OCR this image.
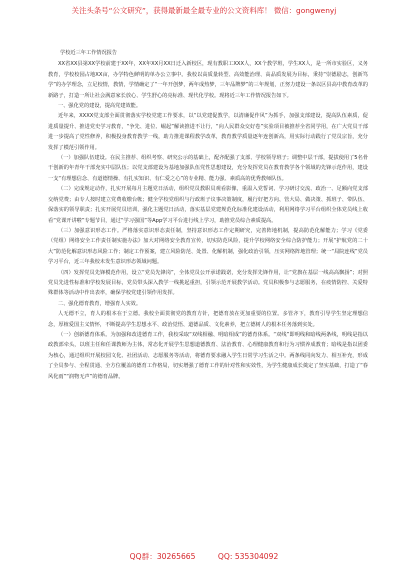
关注头条号“公文研究”，获得最新最全最专业的公文资料库！ 微信：gongwenyj
学校近三年工作情况报告

XX省XX县第XX学校前建于XX年，XX年XX月XX日迁入新校区，现有教职工XXX人，XX个教学班，学生XX人，是一所市实验区，义务教育，学校校园占地XX亩，办学特色鲜明的单办公立事中。我校以高质量转型、高效能治理、高品质发展为目标，秉持“崇德励志，创新笃学”的办学理念，立足校情，教情，学情确定了“一年开创梦，两年成热梦，三年品牌梦”的三年规划，正努力建设一条以区县高中教育改革的新路子，打造一所让社会满意家长放心、学生舒心的亮标准、现代化学校。现将近三年工作情况报告如下。

一、强化党的建设，提高党建效能。

近年来，XXXX党支部全面贯彻落实学校党建工作要求，以“以党建促教学，以清廉促作风”为抓手，加强支部建设，提高队伍素质，促进质量提升、推进党史学习教育，“争先、进位、崛起”解读推进不让行，“向人民群众交好卷”实验项目被推荐全省同学用，在广大党员干部进一步提高了党性修养，积极投身教育教学一线，助力推进课程教学改革，教育教学质量逐年连创新高，用实际行动践行了党员宗旨，充分发挥了模范引领作用。

（一）加强队伍建设。在民主推荐、组织考察、研究公示的基础上，配齐配强了支部、学校领导班子；调整中层干部，提拔使用了5名骨干创新的年青年干部充实中层队伍；以党支部建设为基地加强队伍党性思想建设，充分发挥党员在教育教学各个领域的先锋示范作用，建设一支“有理想信念、有道德情操、有扎实知识、有仁爱之心”的专业精、能力强、素质高的优秀教师队伍。

（二）完成规定动作，扎实开展每月主题党日活动，组织党员教职员观看影像，重温入党誓词、学习研讨交流、政治一、足额向党支部交纳党费；由专人按时建立党费收缴台帐；健全学校党组织与行政班子议事决策制度，履行好把方向、管大局、做决策、抓班子、带队伍、保落实的领导职责；扎实开展党员培训，强化主题党日活动，落实基层党建规范化标准化建设活动，利用网络学习平台组织全体党员线上收看“党课开讲啦”专题节目，通过“学习强国”等App学习平台进行线上学习，助推党员综合素质提高。

（三）加强意识形态工作。严格落实意识形态责任制，坚持意识形态工作定期研究，完善阵地机制，提高防范化解能力；学习《党委（党组）网络安全工作责任制实施办法》加大对网络安全教育宣传，切实防范风险，提升学校网络安全综合防护能力；开展“护航党的二十大”防范化解意识形态风险工作；制定工作预案，建立风险防范、处置、化解机制，强化政治引领，压实网络阵地管理；统一“局院连线”党员学习平台，近三年我校未发生意识形态领域问题。

（四）发挥党员先锋模范作用，设立“党员先锋岗”，全体党员公开承诺践诺，充分发挥先锋作用，让“党旗在基层一线高高飘扬”；对照党员先进性标准和学校发展目标，党员带头深入教学一线挑起重担，引领示范开展教学活动。党员积极参与志愿服务，在疫情防控、关爱特殊群体等活动中作出表率，确保学校党建引领作用发挥。

二、强化德育教育，增强育人实效。

人无德不立，育人的根本在于立德。我校全面贯彻党的教育方针，把德育放在更加重要的位置。多管齐下，教育引导学生坚定理想信念，厚植爱国主义情怀，不断提高学生思想水平、政治觉悟、道德品质、文化素养，把立德树人的根本任务落到实处。

（一）创新德育体系。为加强和改进德育工作，我校采取“双线相融、明暗相成”的德育体系。“双线”即明线和暗线两条线，明线是指以政教部牵头，以班主任和任课教师为主体，常态化开展学生思想道德教育、法治教育、心理健康教育和行为习惯养成教育；暗线是指以团委为核心，通过组织开展校园文化、社团活动、志愿服务等活动，将德育要求融入学生日常学习生活之中。两条线同向发力、相互补充，形成了全员参与、全程贯通、全方位覆盖的德育工作格局，切实增强了德育工作的针对性和实效性，为学生健康成长奠定了坚实基础，打造了“春风化雨”“润物无声”的德育品牌。

QQ群：30265665	QQ: 535304092
